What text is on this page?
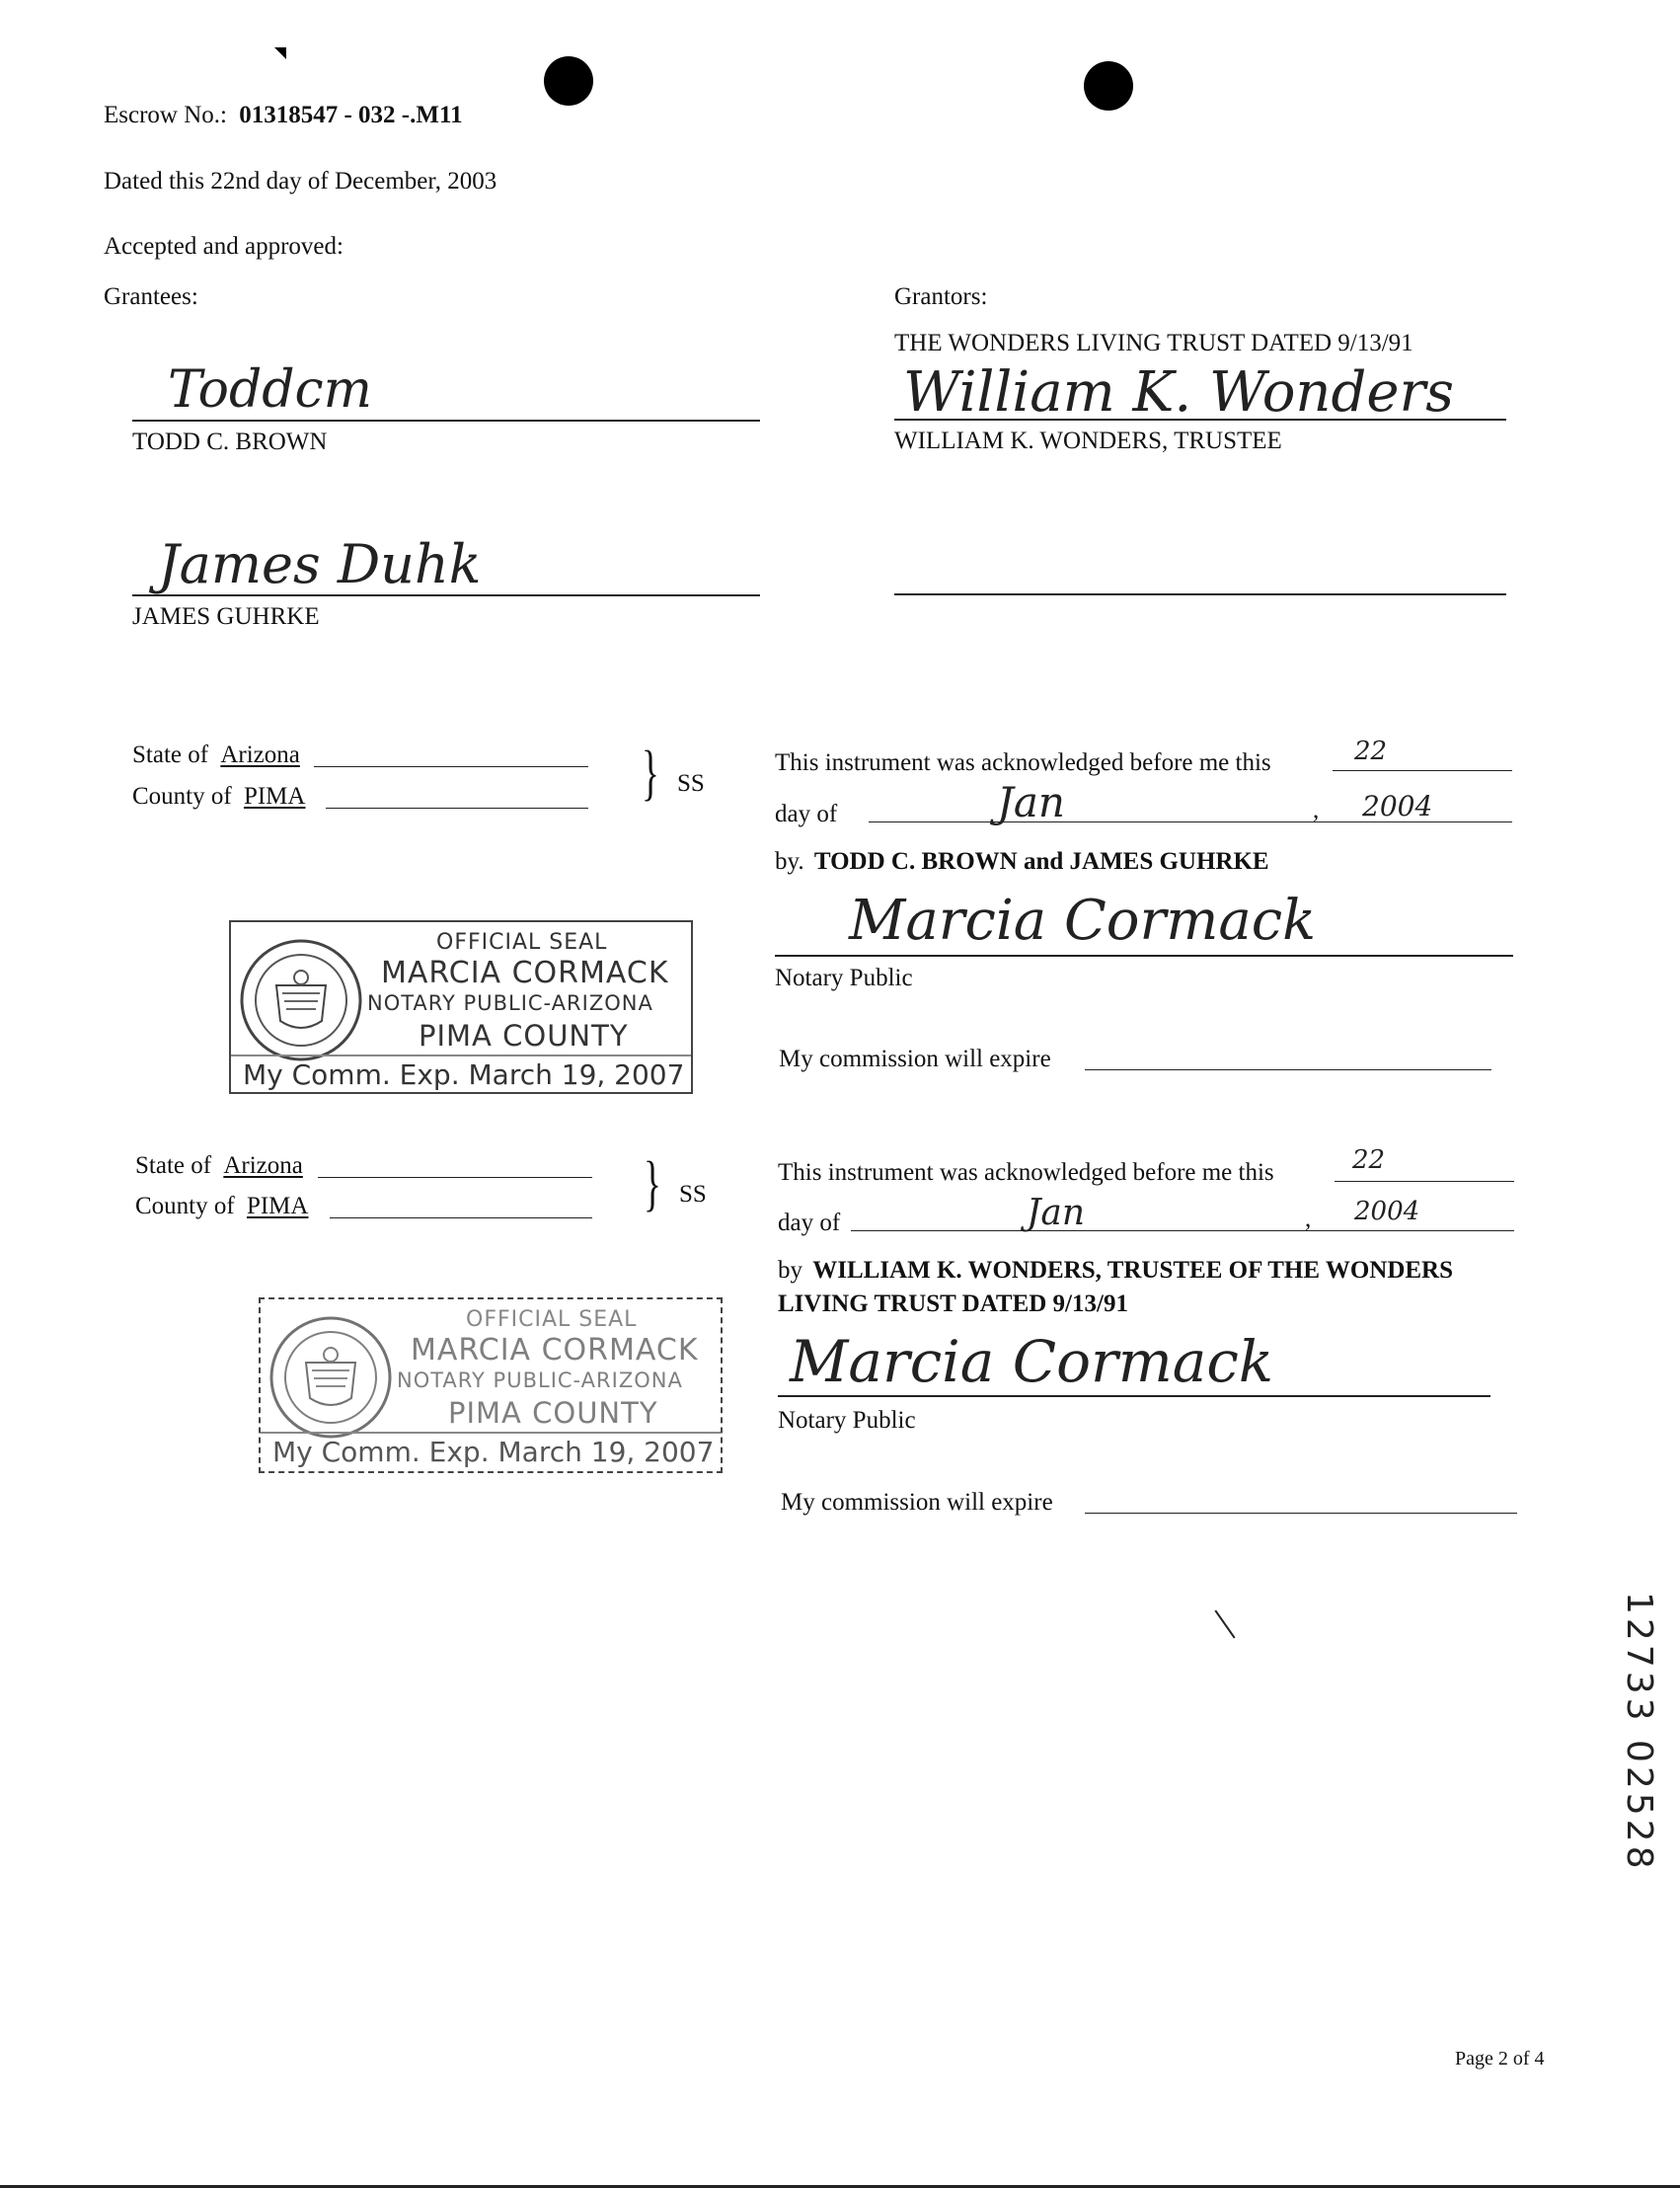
Escrow No.: 01318547 - 032 -.M11
Dated this 22nd day of December, 2003
Accepted and approved:
Grantees:
Toddcm
TODD C. BROWN
James Duhk
JAMES GUHRKE
Grantors:
THE WONDERS LIVING TRUST DATED 9/13/91
William K. Wonders
WILLIAM K. WONDERS, TRUSTEE
State of Arizona
County of PIMA	} SS
This instrument was acknowledged before me this	22
day of	Jan	, 2004
by. TODD C. BROWN and JAMES GUHRKE
Marcia Cormack
Notary Public
My commission will expire
OFFICIAL SEAL
MARCIA CORMACK
NOTARY PUBLIC-ARIZONA
PIMA COUNTY
My Comm. Exp. March 19, 2007
State of Arizona
County of PIMA	} SS
This instrument was acknowledged before me this	22
day of	Jan	, 2004
by WILLIAM K. WONDERS, TRUSTEE OF THE WONDERS
LIVING TRUST DATED 9/13/91
Marcia Cormack
Notary Public
My commission will expire
OFFICIAL SEAL
MARCIA CORMACK
NOTARY PUBLIC-ARIZONA
PIMA COUNTY
My Comm. Exp. March 19, 2007
12733 02528
Page 2 of 4
